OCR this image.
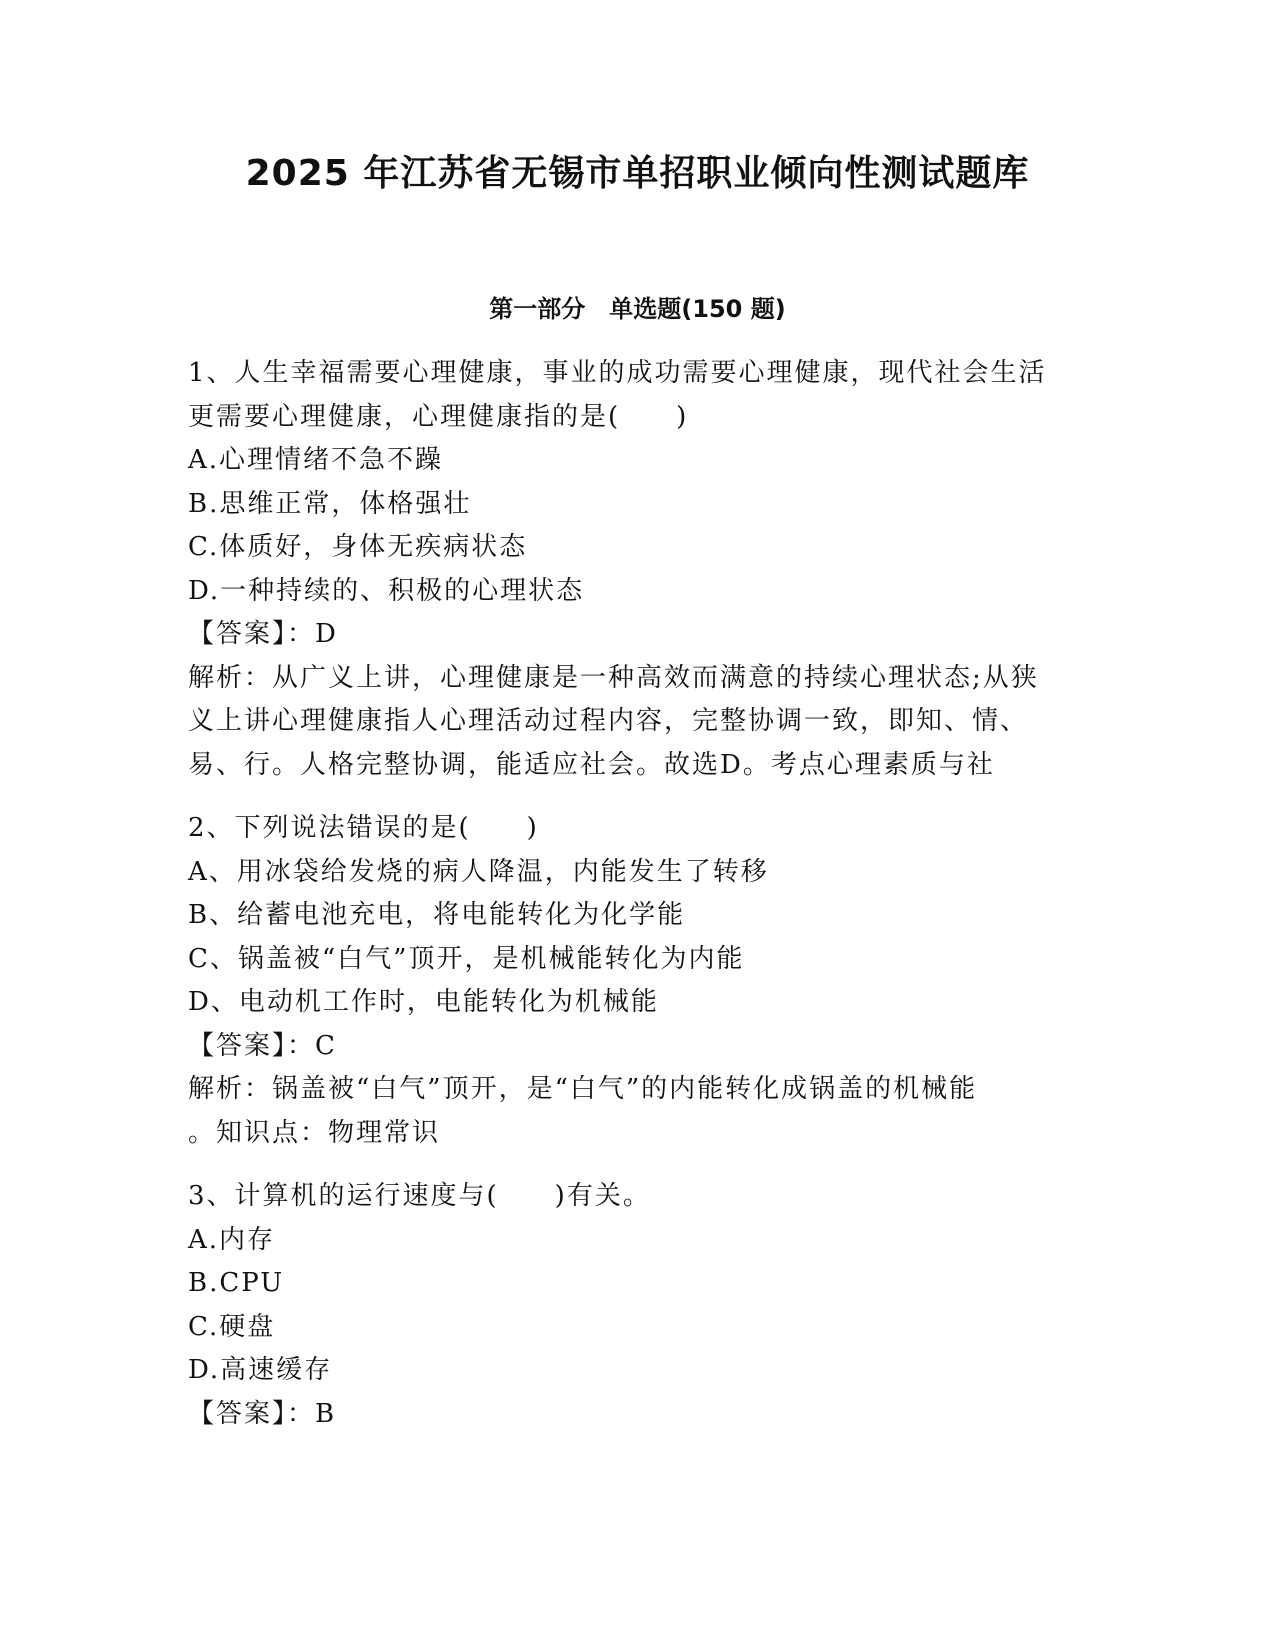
2025 年江苏省无锡市单招职业倾向性测试题库
第一部分　单选题(150 题)
1、人生幸福需要心理健康，事业的成功需要心理健康，现代社会生活
更需要心理健康，心理健康指的是(　　)
A.心理情绪不急不躁
B.思维正常，体格强壮
C.体质好，身体无疾病状态
D.一种持续的、积极的心理状态
【答案】：D
解析：从广义上讲，心理健康是一种高效而满意的持续心理状态;从狭
义上讲心理健康指人心理活动过程内容，完整协调一致，即知、情、
易、行。人格完整协调，能适应社会。故选D。考点心理素质与社
2、下列说法错误的是(　　)
A、用冰袋给发烧的病人降温，内能发生了转移
B、给蓄电池充电，将电能转化为化学能
C、锅盖被“白气”顶开，是机械能转化为内能
D、电动机工作时，电能转化为机械能
【答案】：C
解析：锅盖被“白气”顶开，是“白气”的内能转化成锅盖的机械能
。知识点：物理常识
3、计算机的运行速度与(　　)有关。
A.内存
B.CPU
C.硬盘
D.高速缓存
【答案】：B
